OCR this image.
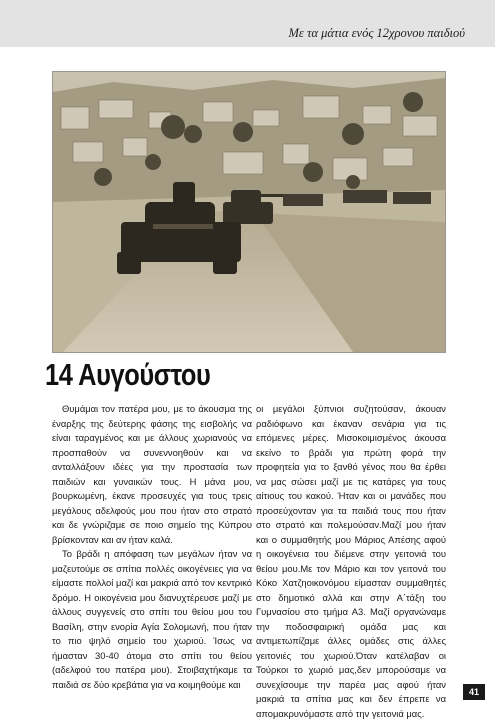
Με τα μάτια ενός 12χρονου παιδιού
14 Αυγούστου

Θυμάμαι τον πατέρα μου, με το άκουσμα της έναρξης της δεύτερης φάσης της εισβολής να είναι ταραγμένος και με άλλους χωριανούς να προσπαθούν να συνεννοηθούν και να ανταλλάξουν ιδέες για την προστασία των παιδιών και γυναικών τους. Η μάνα μου, βουρκωμένη, έκανε προσευχές για τους τρεις μεγάλους αδελφούς μου που ήταν στο στρατό και δε γνώριζαμε σε ποιο σημείο της Κύπρου βρίσκονταν και αν ήταν καλά.

Το βράδι η απόφαση των μεγάλων ήταν να μαζευτούμε σε σπίτια πολλές οικογένειες για να είμαστε πολλοί μαζί και μακριά από τον κεντρικό δρόμο. Η οικογένεια μου διανυχτέρευσε μαζί με άλλους συγγενείς στο σπίτι του θείου μου του Βασίλη, στην ενορία Αγία Σολομωνή, που ήταν το πιο ψηλό σημείο του χωριού. Ίσως να ήμασταν 30-40 άτομα στο σπίτι του θείου (αδελφού του πατέρα μου). Στοιβαχτήκαμε τα παιδιά σε δύο κρεβάτια για να κοιμηθούμε και

οι μεγάλοι ξύπνιοι συζητούσαν, άκουαν ραδιόφωνο και έκαναν σενάρια για τις επόμενες μέρες. Μισοκοιμισμένος άκουσα εκείνο το βράδι για πρώτη φορά την προφητεία για το ξανθό γένος που θα έρθει να μας σώσει μαζί με τις κατάρες για τους αίτιους του κακού. Ήταν και οι μανάδες που προσεύχονταν για τα παιδιά τους που ήταν στο στρατό και πολεμούσαν.Μαζί μου ήταν και ο συμμαθητής μου Μάριος Απέσης αφού η οικογένεια του διέμενε στην γειτονιά του θείου μου.Με τον Μάριο και τον γειτονά του Κόκο Χατζηοικονόμου είμασταν συμμαθητές στο δημοτικό αλλά και στην Α΄τάξη του Γυμνασίου στο τμήμα Α3. Μαζί οργανώναμε την ποδοσφαιρική ομάδα μας και αντιμετωπίζαμε άλλες ομάδες στις άλλες γειτονιές του χωριού.Όταν κατέλαβαν οι Τούρκοι το χωριό μας,δεν μπορούσαμε να συνεχίσουμε την παρέα μας αφού ήταν μακριά τα σπίτια μας και δεν έπρεπε να απομακρυνόμαστε από την γειτονιά μας.

41
